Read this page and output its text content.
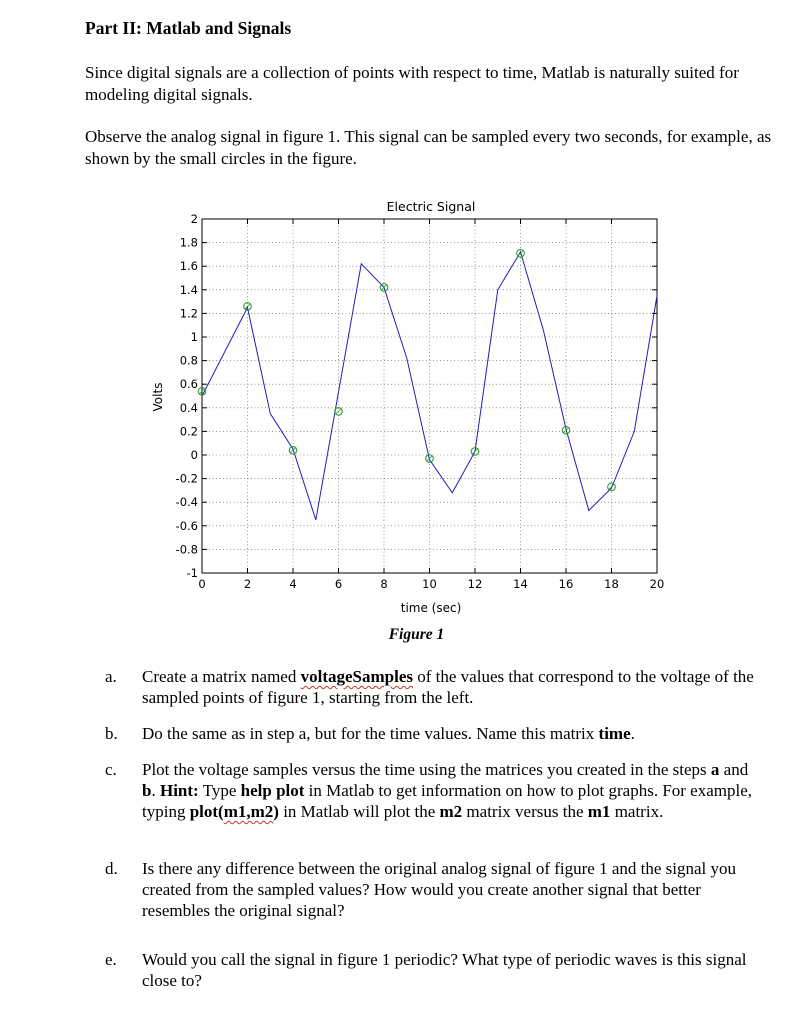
Part II: Matlab and Signals
Since digital signals are a collection of points with respect to time, Matlab is naturally suited for modeling digital signals.
Observe the analog signal in figure 1. This signal can be sampled every two seconds, for example, as shown by the small circles in the figure.
Electric Signal
0	2	4	6	8	10	12	14	16	18	20
2
1.8
1.6
1.4
1.2
1
0.8
0.6
0.4
0.2
0
-0.2
-0.4
-0.6
-0.8
-1
time (sec)
Volts
Figure 1
a. Create a matrix named voltageSamples of the values that correspond to the voltage of the sampled points of figure 1, starting from the left.
b. Do the same as in step a, but for the time values. Name this matrix time.
c. Plot the voltage samples versus the time using the matrices you created in the steps a and b. Hint: Type help plot in Matlab to get information on how to plot graphs. For example, typing plot(m1,m2) in Matlab will plot the m2 matrix versus the m1 matrix.
d. Is there any difference between the original analog signal of figure 1 and the signal you created from the sampled values? How would you create another signal that better resembles the original signal?
e. Would you call the signal in figure 1 periodic? What type of periodic waves is this signal close to?
